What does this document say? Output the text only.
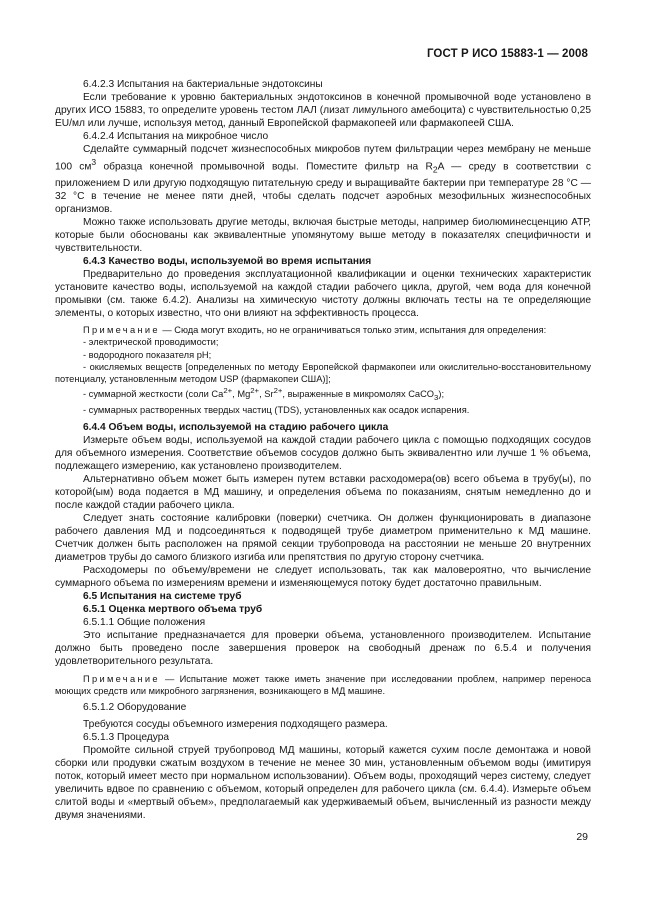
ГОСТ Р ИСО 15883-1 — 2008

6.4.2.3 Испытания на бактериальные эндотоксины

Если требование к уровню бактериальных эндотоксинов в конечной промывочной воде установлено в других ИСО 15883, то определите уровень тестом ЛАЛ (лизат лимульного амебоцита) с чувствительностью 0,25 EU/мл или лучше, используя метод, данный Европейской фармакопеей или фармакопеей США.

6.4.2.4 Испытания на микробное число

Сделайте суммарный подсчет жизнеспособных микробов путем фильтрации через мембрану не меньше 100 $см^3$ образца конечной промывочной воды. Поместите фильтр на $R_2A$ — среду в соответствии с приложением D или другую подходящую питательную среду и выращивайте бактерии при температуре 28 °C — 32 °C в течение не менее пяти дней, чтобы сделать подсчет аэробных мезофильных жизнеспособных организмов.

Можно также использовать другие методы, включая быстрые методы, например биолюминесценцию АТР, которые были обоснованы как эквивалентные упомянутому выше методу в показателях специфичности и чувствительности.

6.4.3 Качество воды, используемой во время испытания

Предварительно до проведения эксплуатационной квалификации и оценки технических характеристик установите качество воды, используемой на каждой стадии рабочего цикла, другой, чем вода для конечной промывки (см. также 6.4.2). Анализы на химическую чистоту должны включать тесты на те определяющие элементы, о которых известно, что они влияют на эффективность процесса.

Примечание — Сюда могут входить, но не ограничиваться только этим, испытания для определения:

- электрической проводимости;

- водородного показателя pH;

- окисляемых веществ [определенных по методу Европейской фармакопеи или окислительно-восстановительному потенциалу, установленным методом USP (фармакопеи США)];

- суммарной жесткости (соли $Ca^{2+}$, $Mg^{2+}$, $Sr^{2+}$, выраженные в микромолях CaCO$_3$);

- суммарных растворенных твердых частиц (TDS), установленных как осадок испарения.

6.4.4 Объем воды, используемой на стадию рабочего цикла

Измерьте объем воды, используемой на каждой стадии рабочего цикла с помощью подходящих сосудов для объемного измерения. Соответствие объемов сосудов должно быть эквивалентно или лучше 1 % объема, подлежащего измерению, как установлено производителем.

Альтернативно объем может быть измерен путем вставки расходомера(ов) всего объема в трубу(ы), по которой(ым) вода подается в МД машину, и определения объема по показаниям, снятым немедленно до и после каждой стадии рабочего цикла.

Следует знать состояние калибровки (поверки) счетчика. Он должен функционировать в диапазоне рабочего давления МД и подсоединяться к подводящей трубе диаметром применительно к МД машине. Счетчик должен быть расположен на прямой секции трубопровода на расстоянии не меньше 20 внутренних диаметров трубы до самого близкого изгиба или препятствия по другую сторону счетчика.

Расходомеры по объему/времени не следует использовать, так как маловероятно, что вычисление суммарного объема по измерениям времени и изменяющемуся потоку будет достаточно правильным.

6.5 Испытания на системе труб

6.5.1 Оценка мертвого объема труб

6.5.1.1 Общие положения

Это испытание предназначается для проверки объема, установленного производителем. Испытание должно быть проведено после завершения проверок на свободный дренаж по 6.5.4 и получения удовлетворительного результата.

Примечание — Испытание может также иметь значение при исследовании проблем, например переноса моющих средств или микробного загрязнения, возникающего в МД машине.

6.5.1.2 Оборудование

Требуются сосуды объемного измерения подходящего размера.

6.5.1.3 Процедура

Промойте сильной струей трубопровод МД машины, который кажется сухим после демонтажа и новой сборки или продувки сжатым воздухом в течение не менее 30 мин, установленным объемом воды (имитируя поток, который имеет место при нормальном использовании). Объем воды, проходящий через систему, следует увеличить вдвое по сравнению с объемом, который определен для рабочего цикла (см. 6.4.4). Измерьте объем слитой воды и «мертвый объем», предполагаемый как удерживаемый объем, вычисленный из разности между двумя значениями.

29
